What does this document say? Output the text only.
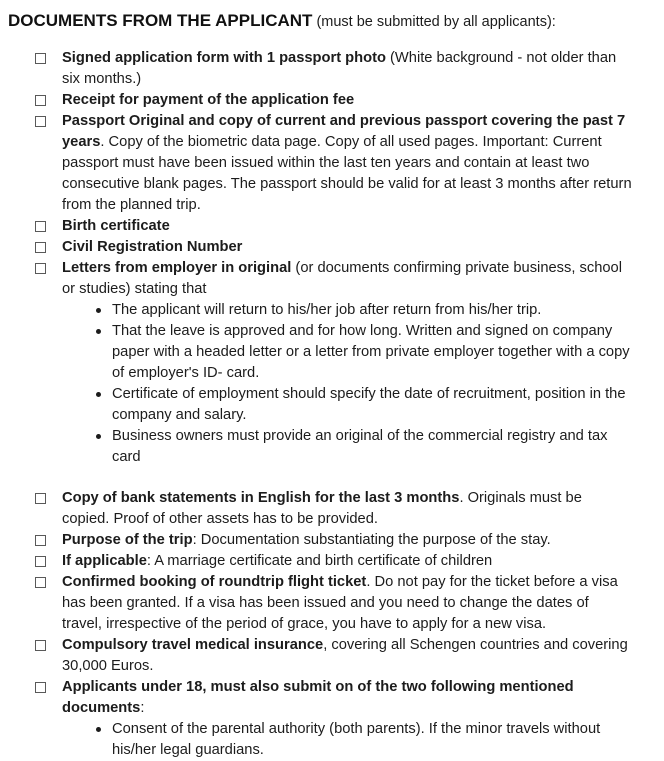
DOCUMENTS FROM THE APPLICANT (must be submitted by all applicants):
Signed application form with 1 passport photo (White background - not older than six months.)
Receipt for payment of the application fee
Passport Original and copy of current and previous passport covering the past 7 years. Copy of the biometric data page. Copy of all used pages. Important: Current passport must have been issued within the last ten years and contain at least two consecutive blank pages. The passport should be valid for at least 3 months after return from the planned trip.
Birth certificate
Civil Registration Number
Letters from employer in original (or documents confirming private business, school or studies) stating that
The applicant will return to his/her job after return from his/her trip.
That the leave is approved and for how long. Written and signed on company paper with a headed letter or a letter from private employer together with a copy of employer's ID- card.
Certificate of employment should specify the date of recruitment, position in the company and salary.
Business owners must provide an original of the commercial registry and tax card
Copy of bank statements in English for the last 3 months. Originals must be copied. Proof of other assets has to be provided.
Purpose of the trip: Documentation substantiating the purpose of the stay.
If applicable: A marriage certificate and birth certificate of children
Confirmed booking of roundtrip flight ticket. Do not pay for the ticket before a visa has been granted. If a visa has been issued and you need to change the dates of travel, irrespective of the period of grace, you have to apply for a new visa.
Compulsory travel medical insurance, covering all Schengen countries and covering 30,000 Euros.
Applicants under 18, must also submit on of the two following mentioned documents:
Consent of the parental authority (both parents). If the minor travels without his/her legal guardians.
